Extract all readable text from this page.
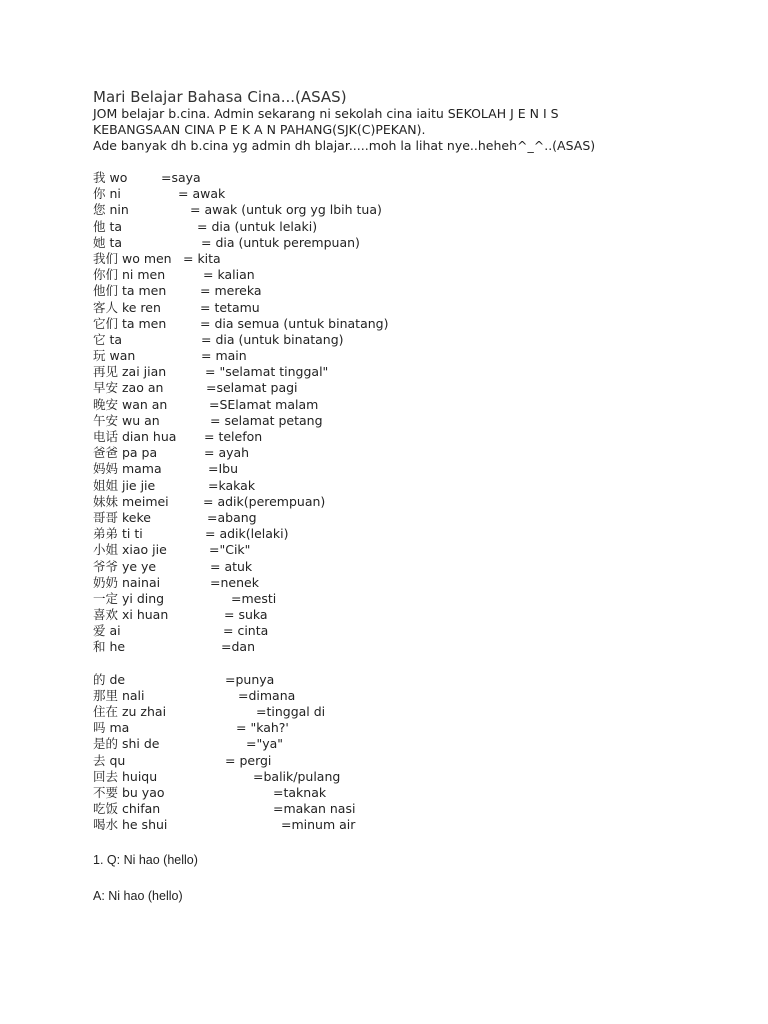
Mari Belajar Bahasa Cina...(ASAS)

JOM belajar b.cina. Admin sekarang ni sekolah cina iaitu SEKOLAH J E N I S

KEBANGSAAN CINA P E K A N PAHANG(SJK(C)PEKAN).

Ade banyak dh b.cina yg admin dh blajar.....moh la lihat nye..heheh^_^..(ASAS)

我 wo	=saya
你 ni	= awak
您 nin	= awak (untuk org yg lbih tua)
他 ta	= dia (untuk lelaki)
她 ta	= dia (untuk perempuan)
我们 wo men = kita
你们 ni men	= kalian
他们 ta men	= mereka
客人 ke ren	= tetamu
它们 ta men	= dia semua (untuk binatang)
它 ta	= dia (untuk binatang)
玩 wan	= main
再见 zai jian	= "selamat tinggal"
早安 zao an	=selamat pagi
晚安 wan an	=SElamat malam
午安 wu an	= selamat petang
电话 dian hua = telefon
爸爸 pa pa	= ayah
妈妈 mama	=Ibu
姐姐 jie jie	=kakak
妹妹 meimei	= adik(perempuan)
哥哥 keke	=abang
弟弟 ti ti	= adik(lelaki)
小姐 xiao jie	="Cik"
爷爷 ye ye	= atuk
奶奶 nainai	=nenek
一定 yi ding	=mesti
喜欢 xi huan	= suka
爱 ai	= cinta
和 he	=dan
的 de	=punya
那里 nali	=dimana
住在 zu zhai	=tinggal di
吗 ma	= "kah?'
是的 shi de	="ya"
去 qu	= pergi
回去 huiqu	=balik/pulang
不要 bu yao	=taknak
吃饭 chifan	=makan nasi
喝水 he shui	=minum air

1. Q: Ni hao (hello)

A: Ni hao (hello)
